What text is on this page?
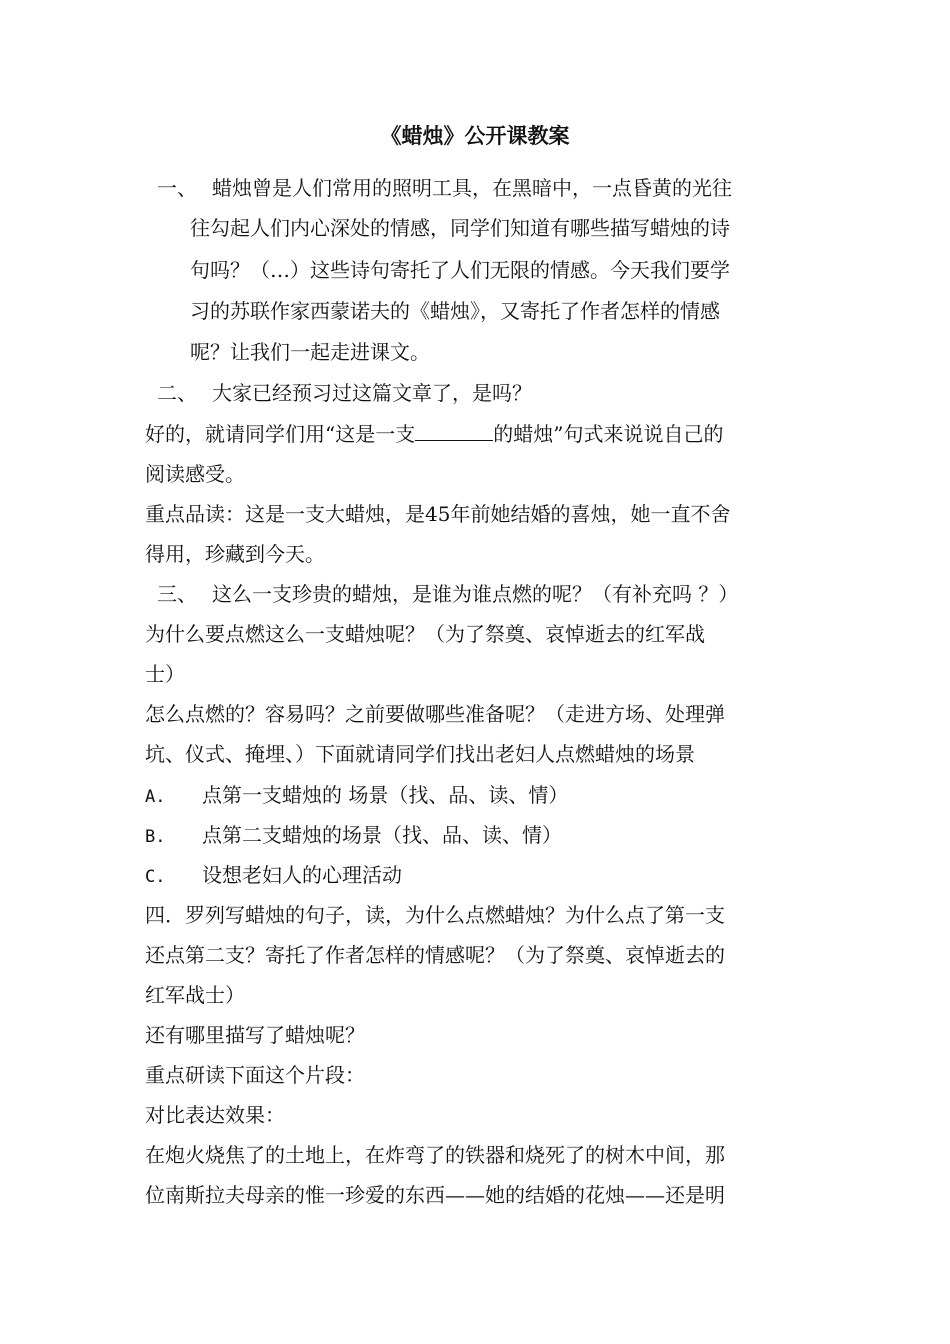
《蜡烛》公开课教案
一、 蜡烛曾是人们常用的照明工具，在黑暗中，一点昏黄的光往
往勾起人们内心深处的情感，同学们知道有哪些描写蜡烛的诗
句吗？（…）这些诗句寄托了人们无限的情感。今天我们要学
习的苏联作家西蒙诺夫的《蜡烛》，又寄托了作者怎样的情感
呢？让我们一起走进课文。
二、 大家已经预习过这篇文章了，是吗？
好的，就请同学们用“这是一支	的蜡烛”句式来说说自己的
阅读感受。
重点品读：这是一支大蜡烛，是45年前她结婚的喜烛，她一直不舍
得用，珍藏到今天。
三、 这么一支珍贵的蜡烛，是谁为谁点燃的呢？（有补充吗 ？）
为什么要点燃这么一支蜡烛呢？（为了祭奠、哀悼逝去的红军战
士）
怎么点燃的？容易吗？之前要做哪些准备呢？（走进方场、处理弹
坑、仪式、掩埋、）下面就请同学们找出老妇人点燃蜡烛的场景
A. 点第一支蜡烛的 场景（找、品、读、情）
B. 点第二支蜡烛的场景（找、品、读、情）
C. 设想老妇人的心理活动
四．罗列写蜡烛的句子，读，为什么点燃蜡烛？为什么点了第一支
还点第二支？寄托了作者怎样的情感呢？（为了祭奠、哀悼逝去的
红军战士）
还有哪里描写了蜡烛呢？
重点研读下面这个片段：
对比表达效果：
在炮火烧焦了的土地上，在炸弯了的铁器和烧死了的树木中间，那
位南斯拉夫母亲的惟一珍爱的东西——她的结婚的花烛——还是明
